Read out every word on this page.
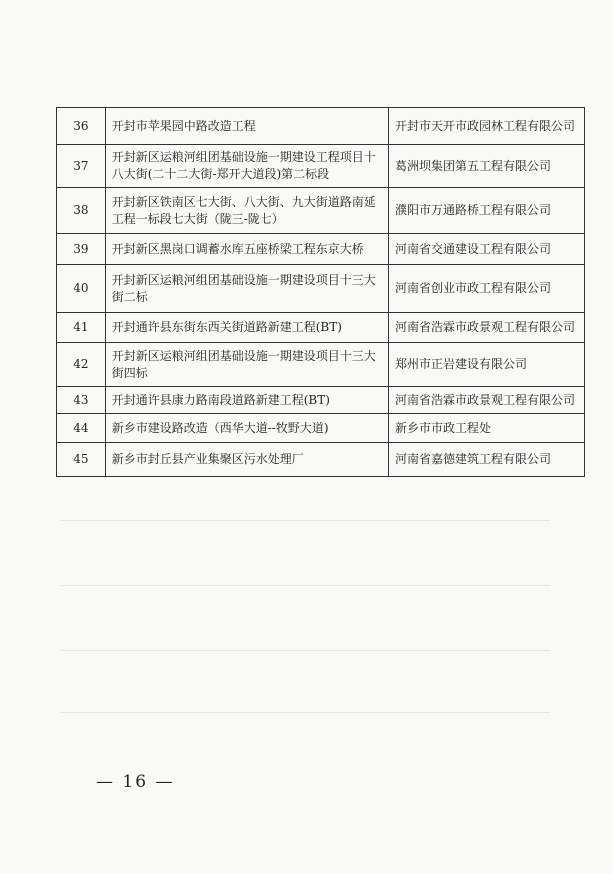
36	开封市苹果园中路改造工程	开封市天开市政园林工程有限公司
37	开封新区运粮河组团基础设施一期建设工程项目十八大街(二十二大街-郑开大道段)第二标段	葛洲坝集团第五工程有限公司
38	开封新区铁南区七大街、八大街、九大街道路南延工程一标段七大街（陇三-陇七）	濮阳市万通路桥工程有限公司
39	开封新区黑岗口调蓄水库五座桥梁工程东京大桥	河南省交通建设工程有限公司
40	开封新区运粮河组团基础设施一期建设项目十三大街二标	河南省创业市政工程有限公司
41	开封通许县东街东西关街道路新建工程(BT)	河南省浩霖市政景观工程有限公司
42	开封新区运粮河组团基础设施一期建设项目十三大街四标	郑州市正岩建设有限公司
43	开封通许县康力路南段道路新建工程(BT)	河南省浩霖市政景观工程有限公司
44	新乡市建设路改造（西华大道--牧野大道)	新乡市市政工程处
45	新乡市封丘县产业集聚区污水处理厂	河南省嘉德建筑工程有限公司
— 16 —
